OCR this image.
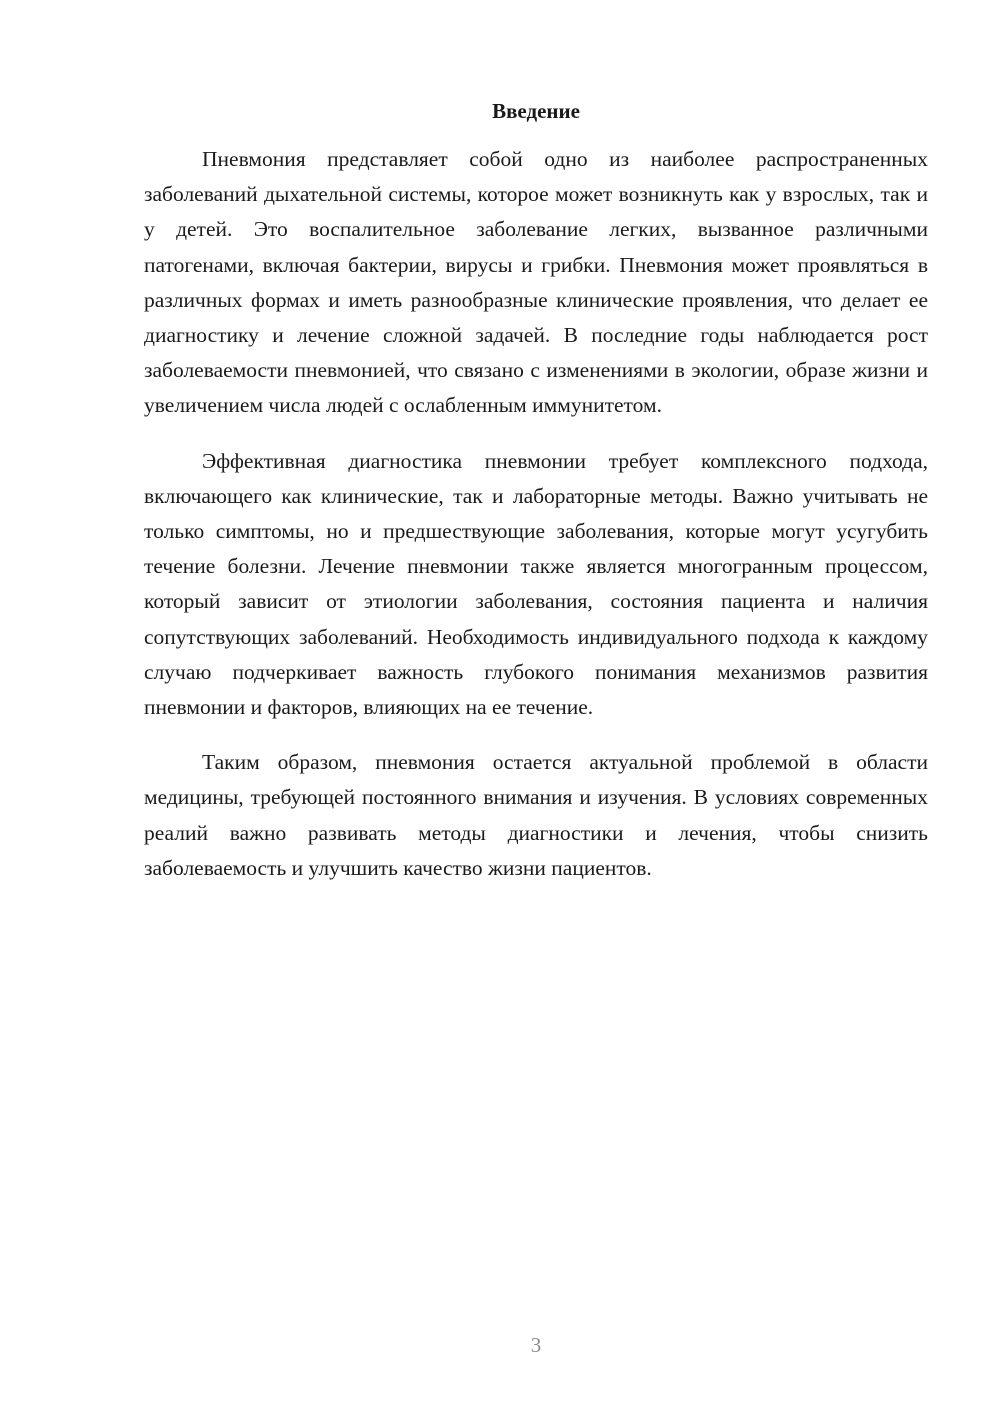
Введение

Пневмония представляет собой одно из наиболее распространенных заболеваний дыхательной системы, которое может возникнуть как у взрослых, так и у детей. Это воспалительное заболевание легких, вызванное различными патогенами, включая бактерии, вирусы и грибки. Пневмония может проявляться в различных формах и иметь разнообразные клинические проявления, что делает ее диагностику и лечение сложной задачей. В последние годы наблюдается рост заболеваемости пневмонией, что связано с изменениями в экологии, образе жизни и увеличением числа людей с ослабленным иммунитетом.

Эффективная диагностика пневмонии требует комплексного подхода, включающего как клинические, так и лабораторные методы. Важно учитывать не только симптомы, но и предшествующие заболевания, которые могут усугубить течение болезни. Лечение пневмонии также является многогранным процессом, который зависит от этиологии заболевания, состояния пациента и наличия сопутствующих заболеваний. Необходимость индивидуального подхода к каждому случаю подчеркивает важность глубокого понимания механизмов развития пневмонии и факторов, влияющих на ее течение.

Таким образом, пневмония остается актуальной проблемой в области медицины, требующей постоянного внимания и изучения. В условиях современных реалий важно развивать методы диагностики и лечения, чтобы снизить заболеваемость и улучшить качество жизни пациентов.

3
